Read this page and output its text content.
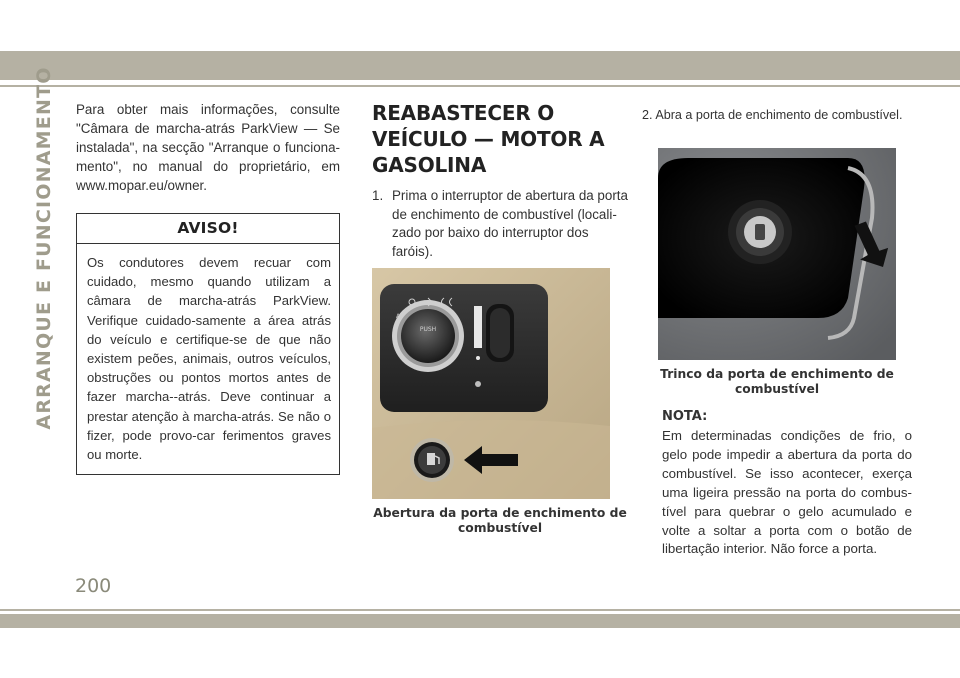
ARRANQUE E FUNCIONAMENTO Para obter mais informações, consulte "Câmara de marcha-atrás ParkView — Se instalada", na secção "Arranque o funciona-mento", no manual do proprietário, em www.mopar.eu/owner.

AVISO!
Os condutores devem recuar com cuidado, mesmo quando utilizam a câmara de marcha-atrás ParkView. Verifique cuidado-samente a área atrás do veículo e certifique-se de que não existem peões, animais, outros veículos, obstruções ou pontos mortos antes de fazer marcha--atrás. Deve continuar a prestar atenção à marcha-atrás. Se não o fizer, pode provo-car ferimentos graves ou morte.
REABASTECER O VEÍCULO — MOTOR A GASOLINA
1. Prima o interruptor de abertura da porta de enchimento de combustível (locali-zado por baixo do interruptor dos faróis).
PUSH
A
Abertura da porta de enchimento de combustível
2. Abra a porta de enchimento de combustível.
Trinco da porta de enchimento de combustível
NOTA:
Em determinadas condições de frio, o gelo pode impedir a abertura da porta do combustível. Se isso acontecer, exerça uma ligeira pressão na porta do combus-tível para quebrar o gelo acumulado e volte a soltar a porta com o botão de libertação interior. Não force a porta.
200
